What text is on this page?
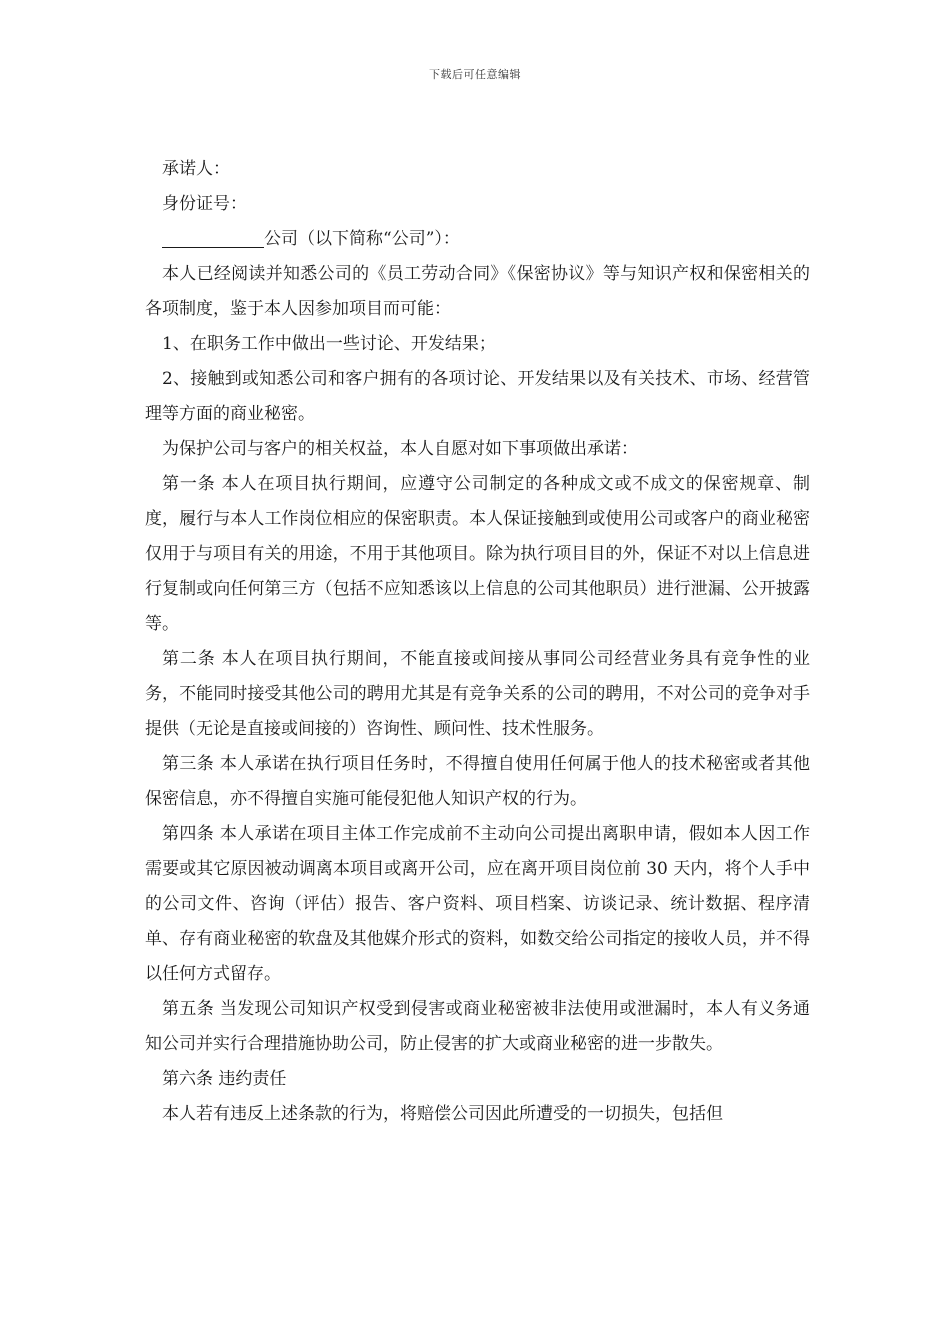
下载后可任意编辑

承诺人：

身份证号：

公司（以下简称“公司”）：

本人已经阅读并知悉公司的《员工劳动合同》《保密协议》等与知识产权和保密相关的各项制度，鉴于本人因参加项目而可能：

1、在职务工作中做出一些讨论、开发结果；

2、接触到或知悉公司和客户拥有的各项讨论、开发结果以及有关技术、市场、经营管理等方面的商业秘密。

为保护公司与客户的相关权益，本人自愿对如下事项做出承诺：

第一条 本人在项目执行期间，应遵守公司制定的各种成文或不成文的保密规章、制度，履行与本人工作岗位相应的保密职责。本人保证接触到或使用公司或客户的商业秘密仅用于与项目有关的用途，不用于其他项目。除为执行项目目的外，保证不对以上信息进行复制或向任何第三方（包括不应知悉该以上信息的公司其他职员）进行泄漏、公开披露等。

第二条 本人在项目执行期间，不能直接或间接从事同公司经营业务具有竞争性的业务，不能同时接受其他公司的聘用尤其是有竞争关系的公司的聘用，不对公司的竞争对手提供（无论是直接或间接的）咨询性、顾问性、技术性服务。

第三条 本人承诺在执行项目任务时，不得擅自使用任何属于他人的技术秘密或者其他保密信息，亦不得擅自实施可能侵犯他人知识产权的行为。

第四条 本人承诺在项目主体工作完成前不主动向公司提出离职申请，假如本人因工作需要或其它原因被动调离本项目或离开公司，应在离开项目岗位前 30 天内，将个人手中的公司文件、咨询（评估）报告、客户资料、项目档案、访谈记录、统计数据、程序清单、存有商业秘密的软盘及其他媒介形式的资料，如数交给公司指定的接收人员，并不得以任何方式留存。

第五条 当发现公司知识产权受到侵害或商业秘密被非法使用或泄漏时，本人有义务通知公司并实行合理措施协助公司，防止侵害的扩大或商业秘密的进一步散失。

第六条 违约责任

本人若有违反上述条款的行为，将赔偿公司因此所遭受的一切损失，包括但
